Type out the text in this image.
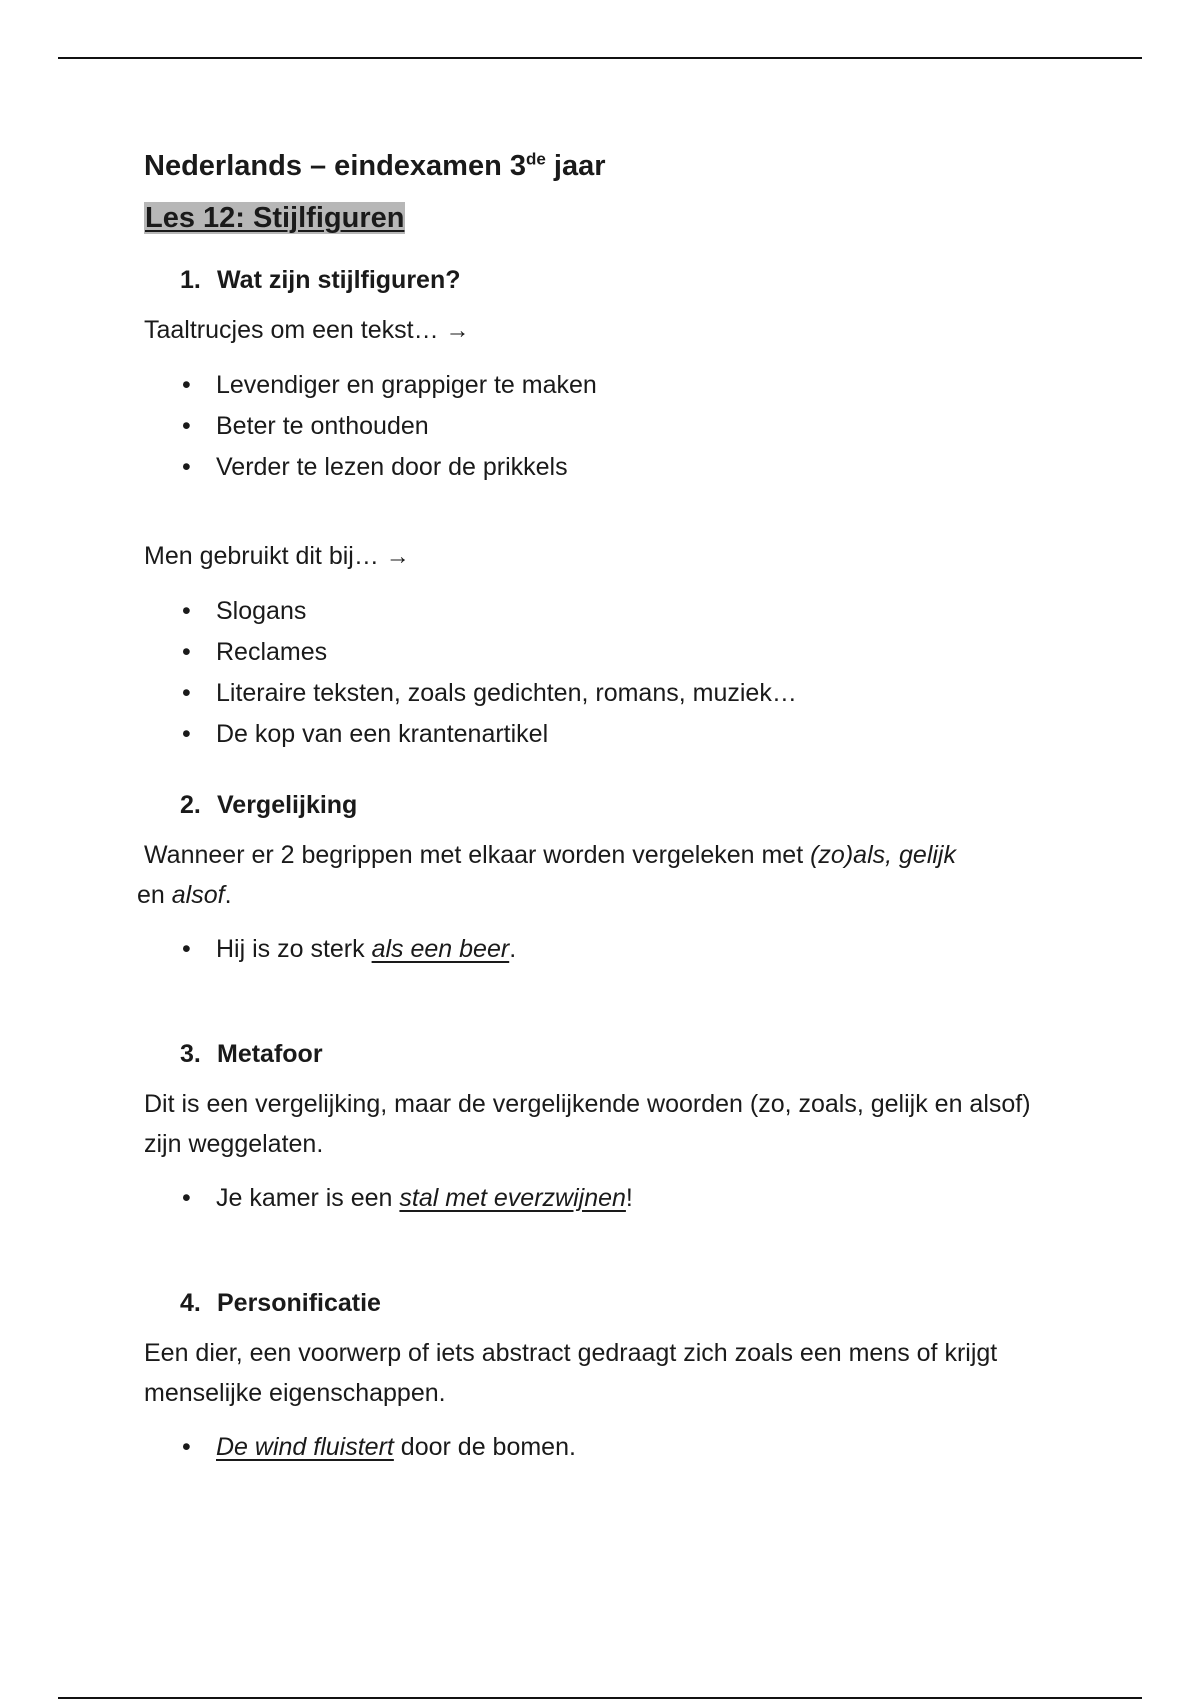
Nederlands – eindexamen 3de jaar
Les 12: Stijlfiguren
1. Wat zijn stijlfiguren?
Taaltrucjes om een tekst… →
• Levendiger en grappiger te maken
• Beter te onthouden
• Verder te lezen door de prikkels
Men gebruikt dit bij… →
• Slogans
• Reclames
• Literaire teksten, zoals gedichten, romans, muziek…
• De kop van een krantenartikel
2. Vergelijking
Wanneer er 2 begrippen met elkaar worden vergeleken met (zo)als, gelijk
en alsof.
• Hij is zo sterk als een beer.
3. Metafoor
Dit is een vergelijking, maar de vergelijkende woorden (zo, zoals, gelijk en alsof) zijn weggelaten.
• Je kamer is een stal met everzwijnen!
4. Personificatie
Een dier, een voorwerp of iets abstract gedraagt zich zoals een mens of krijgt menselijke eigenschappen.
• De wind fluistert door de bomen.
